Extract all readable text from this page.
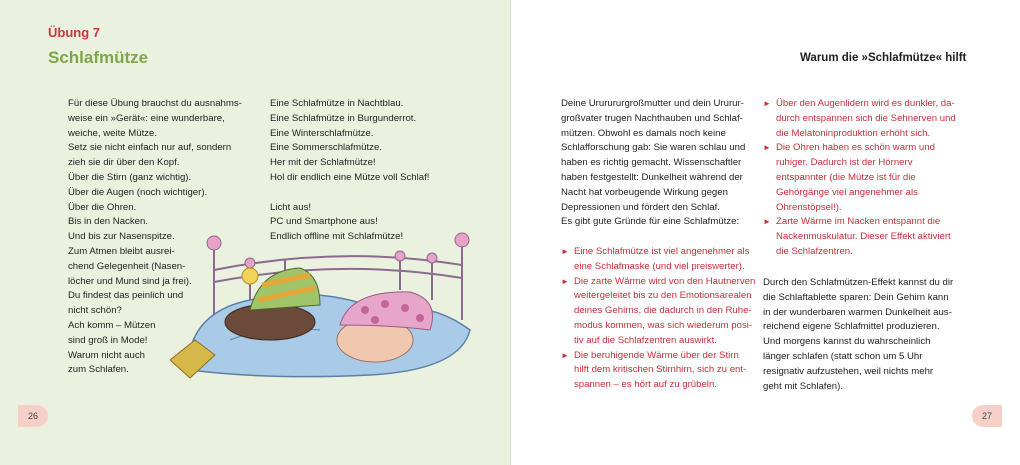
Übung 7
Schlafmütze
Für diese Übung brauchst du ausnahms-
weise ein »Gerät«: eine wunderbare,
weiche, weite Mütze.
Setz sie nicht einfach nur auf, sondern
zieh sie dir über den Kopf.
Über die Stirn (ganz wichtig).
Über die Augen (noch wichtiger).
Über die Ohren.
Bis in den Nacken.
Und bis zur Nasenspitze.
Zum Atmen bleibt ausrei-
chend Gelegenheit (Nasen-
löcher und Mund sind ja frei).
Du findest das peinlich und
nicht schön?
Ach komm – Mützen
sind groß in Mode!
Warum nicht auch
zum Schlafen.
Eine Schlafmütze in Nachtblau.
Eine Schlafmütze in Burgunderrot.
Eine Winterschlafmütze.
Eine Sommerschlafmütze.
Her mit der Schlafmütze!
Hol dir endlich eine Mütze voll Schlaf!
Licht aus!
PC und Smartphone aus!
Endlich offline mit Schlafmütze!
Warum die »Schlafmütze« hilft
Deine Ururururgroßmutter und dein Ururur-
großvater trugen Nachthauben und Schlaf-
mützen. Obwohl es damals noch keine
Schlafforschung gab: Sie waren schlau und
haben es richtig gemacht. Wissenschaftler
haben festgestellt: Dunkelheit während der
Nacht hat vorbeugende Wirkung gegen
Depressionen und fördert den Schlaf.
Es gibt gute Gründe für eine Schlafmütze:
► Eine Schlafmütze ist viel angenehmer als
eine Schlafmaske (und viel preiswerter).
► Die zarte Wärme wird von den Hautnerven
weitergeleitet bis zu den Emotionsarealen
deines Gehirns, die dadurch in den Ruhe-
modus kommen, was sich wiederum posi-
tiv auf die Schlafzentren auswirkt.
► Die beruhigende Wärme über der Stirn
hilft dem kritischen Stirnhirn, sich zu ent-
spannen – es hört auf zu grübeln.
► Über den Augenlidern wird es dunkler, da-
durch entspannen sich die Sehnerven und
die Melatoninproduktion erhöht sich.
► Die Ohren haben es schön warm und
ruhiger. Dadurch ist der Hörnerv
entspannter (die Mütze ist für die
Gehörgänge viel angenehmer als
Ohrenstöpsel!).
► Zarte Wärme im Nacken entspannt die
Nackenmuskulatur. Dieser Effekt aktiviert
die Schlafzentren.
Durch den Schlafmützen-Effekt kannst du dir
die Schlaftablette sparen: Dein Gehirn kann
in der wunderbaren warmen Dunkelheit aus-
reichend eigene Schlafmittel produzieren.
Und morgens kannst du wahrscheinlich
länger schlafen (statt schon um 5 Uhr
resignativ aufzustehen, weil nichts mehr
geht mit Schlafen).
26	27
